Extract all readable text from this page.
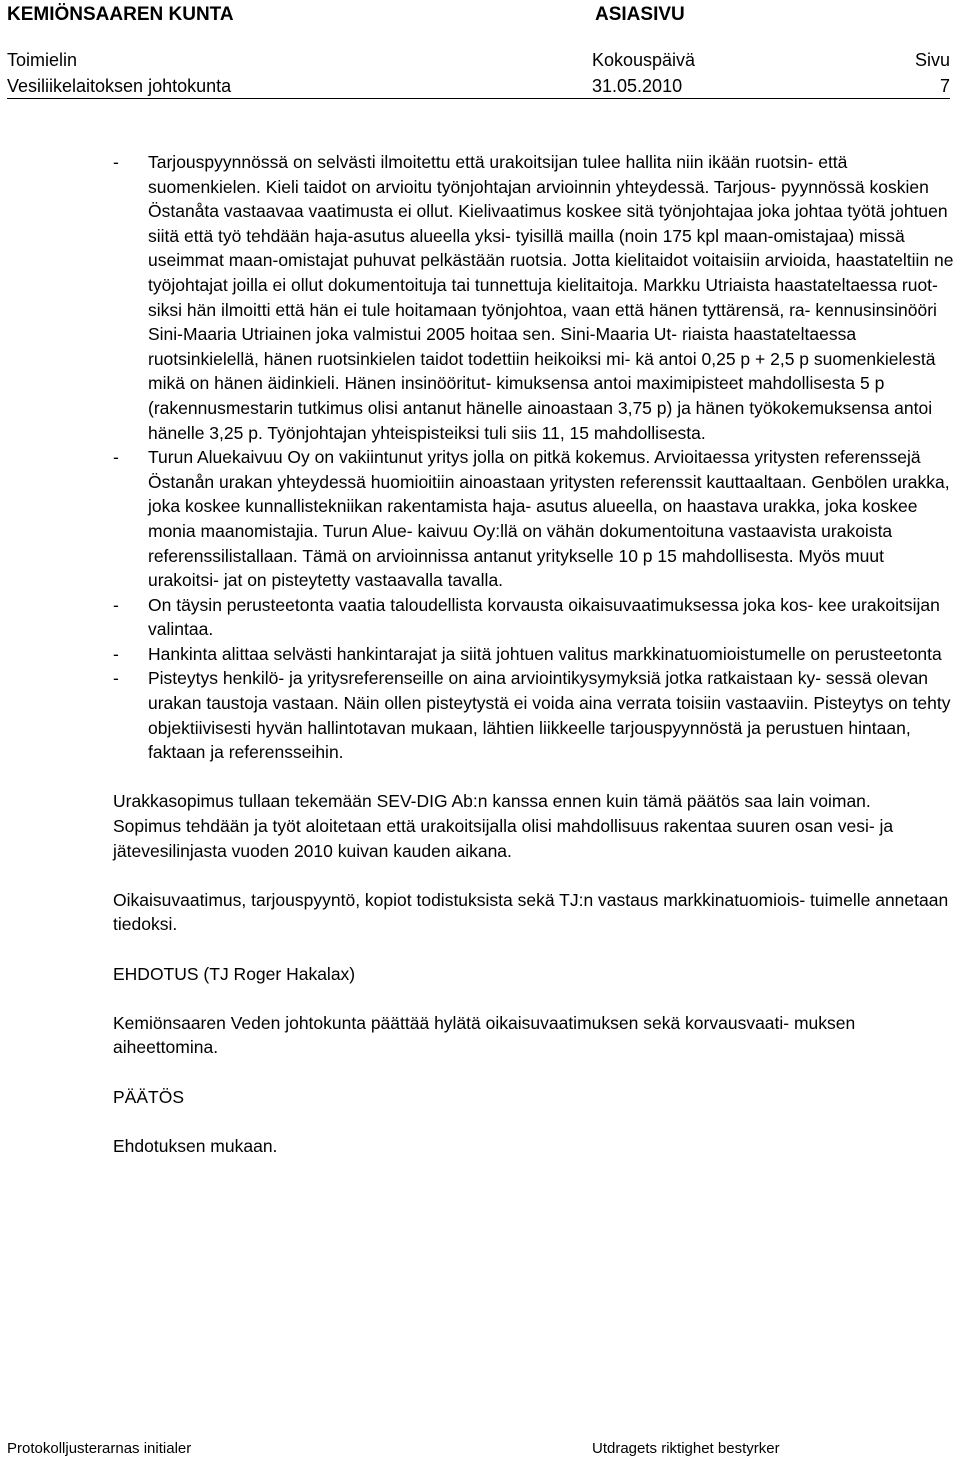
KEMIÖNSAAREN KUNTA	ASIASIVU
Toimielin	Kokouspäivä	Sivu
Vesiliikelaitoksen johtokunta	31.05.2010	7
- Tarjouspyynnössä on selvästi ilmoitettu että urakoitsijan tulee hallita niin ikään ruotsin- että suomenkielen. Kieli taidot on arvioitu työnjohtajan arvioinnin yhteydessä. Tarjous- pyynnössä koskien Östanåta vastaavaa vaatimusta ei ollut. Kielivaatimus koskee sitä työnjohtajaa joka johtaa työtä johtuen siitä että työ tehdään haja-asutus alueella yksi- tyisillä mailla (noin 175 kpl maan-omistajaa) missä useimmat maan-omistajat puhuvat pelkästään ruotsia. Jotta kielitaidot voitaisiin arvioida, haastateltiin ne työjohtajat joilla ei ollut dokumentoituja tai tunnettuja kielitaitoja. Markku Utriaista haastateltaessa ruot- siksi hän ilmoitti että hän ei tule hoitamaan työnjohtoa, vaan että hänen tyttärensä, ra- kennusinsinööri Sini-Maaria Utriainen joka valmistui 2005 hoitaa sen. Sini-Maaria Ut- riaista haastateltaessa ruotsinkielellä, hänen ruotsinkielen taidot todettiin heikoiksi mi- kä antoi 0,25 p + 2,5 p suomenkielestä mikä on hänen äidinkieli. Hänen insinööritut- kimuksensa antoi maximipisteet mahdollisesta 5 p (rakennusmestarin tutkimus olisi antanut hänelle ainoastaan 3,75 p) ja hänen työkokemuksensa antoi hänelle 3,25 p. Työnjohtajan yhteispisteiksi tuli siis 11, 15 mahdollisesta.
- Turun Aluekaivuu Oy on vakiintunut yritys jolla on pitkä kokemus. Arvioitaessa yritysten referenssejä Östanån urakan yhteydessä huomioitiin ainoastaan yritysten referenssit kauttaaltaan. Genbölen urakka, joka koskee kunnallistekniikan rakentamista haja- asutus alueella, on haastava urakka, joka koskee monia maanomistajia. Turun Alue- kaivuu Oy:llä on vähän dokumentoituna vastaavista urakoista referenssilistallaan. Tämä on arvioinnissa antanut yritykselle 10 p 15 mahdollisesta. Myös muut urakoitsi- jat on pisteytetty vastaavalla tavalla.
- On täysin perusteetonta vaatia taloudellista korvausta oikaisuvaatimuksessa joka kos- kee urakoitsijan valintaa.
- Hankinta alittaa selvästi hankintarajat ja siitä johtuen valitus markkinatuomioistumelle on perusteetonta
- Pisteytys henkilö- ja yritysreferenseille on aina arviointikysymyksiä jotka ratkaistaan ky- sessä olevan urakan taustoja vastaan. Näin ollen pisteytystä ei voida aina verrata toisiin vastaaviin. Pisteytys on tehty objektiivisesti hyvän hallintotavan mukaan, lähtien liikkeelle tarjouspyynnöstä ja perustuen hintaan, faktaan ja referensseihin.

Urakkasopimus tullaan tekemään SEV-DIG Ab:n kanssa ennen kuin tämä päätös saa lain voiman.

Sopimus tehdään ja työt aloitetaan että urakoitsijalla olisi mahdollisuus rakentaa suuren osan vesi- ja jätevesilinjasta vuoden 2010 kuivan kauden aikana.

Oikaisuvaatimus, tarjouspyyntö, kopiot todistuksista sekä TJ:n vastaus markkinatuomiois- tuimelle annetaan tiedoksi.

EHDOTUS (TJ Roger Hakalax)

Kemiönsaaren Veden johtokunta päättää hylätä oikaisuvaatimuksen sekä korvausvaati- muksen aiheettomina.

PÄÄTÖS

Ehdotuksen mukaan.

Protokolljusterarnas initialer	Utdragets riktighet bestyrker
